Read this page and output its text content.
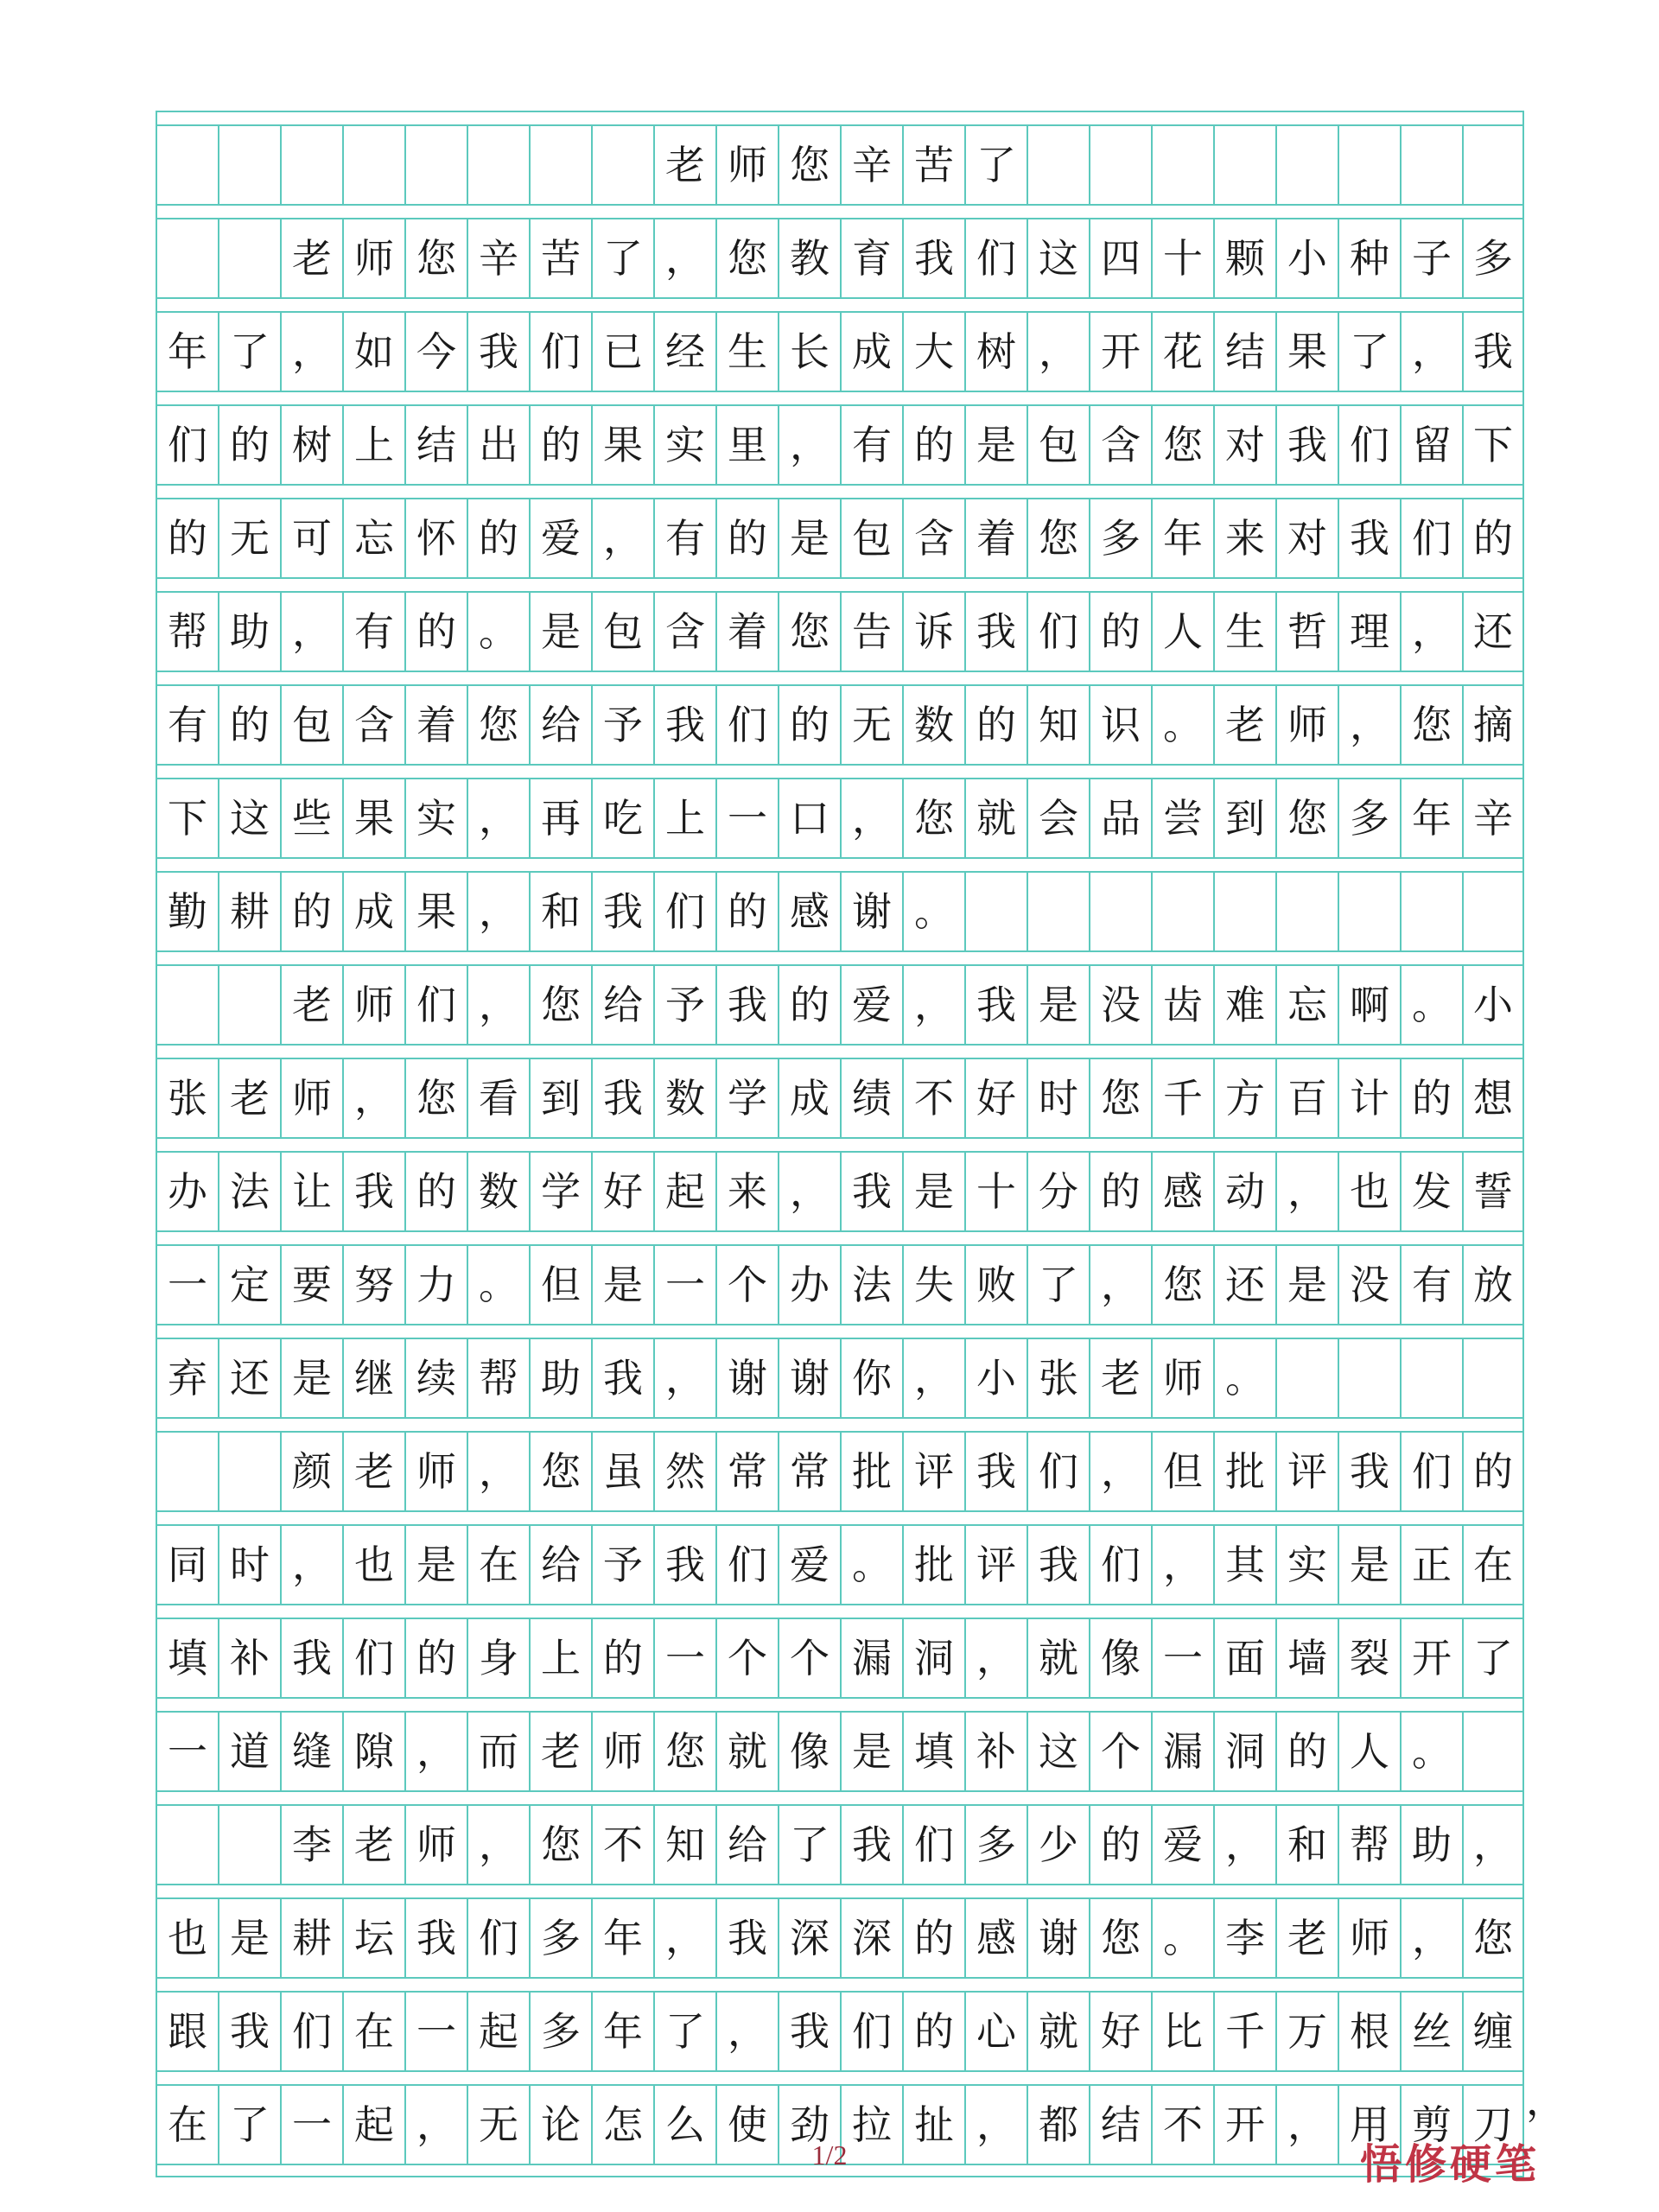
老 师 您 辛 苦 了
老 师 您 辛 苦 了 ， 您 教 育 我 们 这 四 十 颗 小 种 子 多
年 了 ， 如 今 我 们 已 经 生 长 成 大 树 ， 开 花 结 果 了 ， 我
们 的 树 上 结 出 的 果 实 里 ， 有 的 是 包 含 您 对 我 们 留 下
的 无 可 忘 怀 的 爱 ， 有 的 是 包 含 着 您 多 年 来 对 我 们 的
帮 助 ， 有 的 。 是 包 含 着 您 告 诉 我 们 的 人 生 哲 理 ， 还
有 的 包 含 着 您 给 予 我 们 的 无 数 的 知 识 。 老 师 ， 您 摘
下 这 些 果 实 ， 再 吃 上 一 口 ， 您 就 会 品 尝 到 您 多 年 辛
勤 耕 的 成 果 ， 和 我 们 的 感 谢 。
老 师 们 ， 您 给 予 我 的 爱 ， 我 是 没 齿 难 忘 啊 。 小
张 老 师 ， 您 看 到 我 数 学 成 绩 不 好 时 您 千 方 百 计 的 想
办 法 让 我 的 数 学 好 起 来 ， 我 是 十 分 的 感 动 ， 也 发 誓
一 定 要 努 力 。 但 是 一 个 办 法 失 败 了 ， 您 还 是 没 有 放
弃 还 是 继 续 帮 助 我 ， 谢 谢 你 ， 小 张 老 师 。
颜 老 师 ， 您 虽 然 常 常 批 评 我 们 ， 但 批 评 我 们 的
同 时 ， 也 是 在 给 予 我 们 爱 。 批 评 我 们 ， 其 实 是 正 在
填 补 我 们 的 身 上 的 一 个 个 漏 洞 ， 就 像 一 面 墙 裂 开 了
一 道 缝 隙 ， 而 老 师 您 就 像 是 填 补 这 个 漏 洞 的 人 。
李 老 师 ， 您 不 知 给 了 我 们 多 少 的 爱 ， 和 帮 助 ，
也 是 耕 坛 我 们 多 年 ， 我 深 深 的 感 谢 您 。 李 老 师 ， 您
跟 我 们 在 一 起 多 年 了 ， 我 们 的 心 就 好 比 千 万 根 丝 缠
在 了 一 起 ， 无 论 怎 么 使 劲 拉 扯 ， 都 结 不 开 ， 用 剪 刀
，
1/2	悟修硬笔
